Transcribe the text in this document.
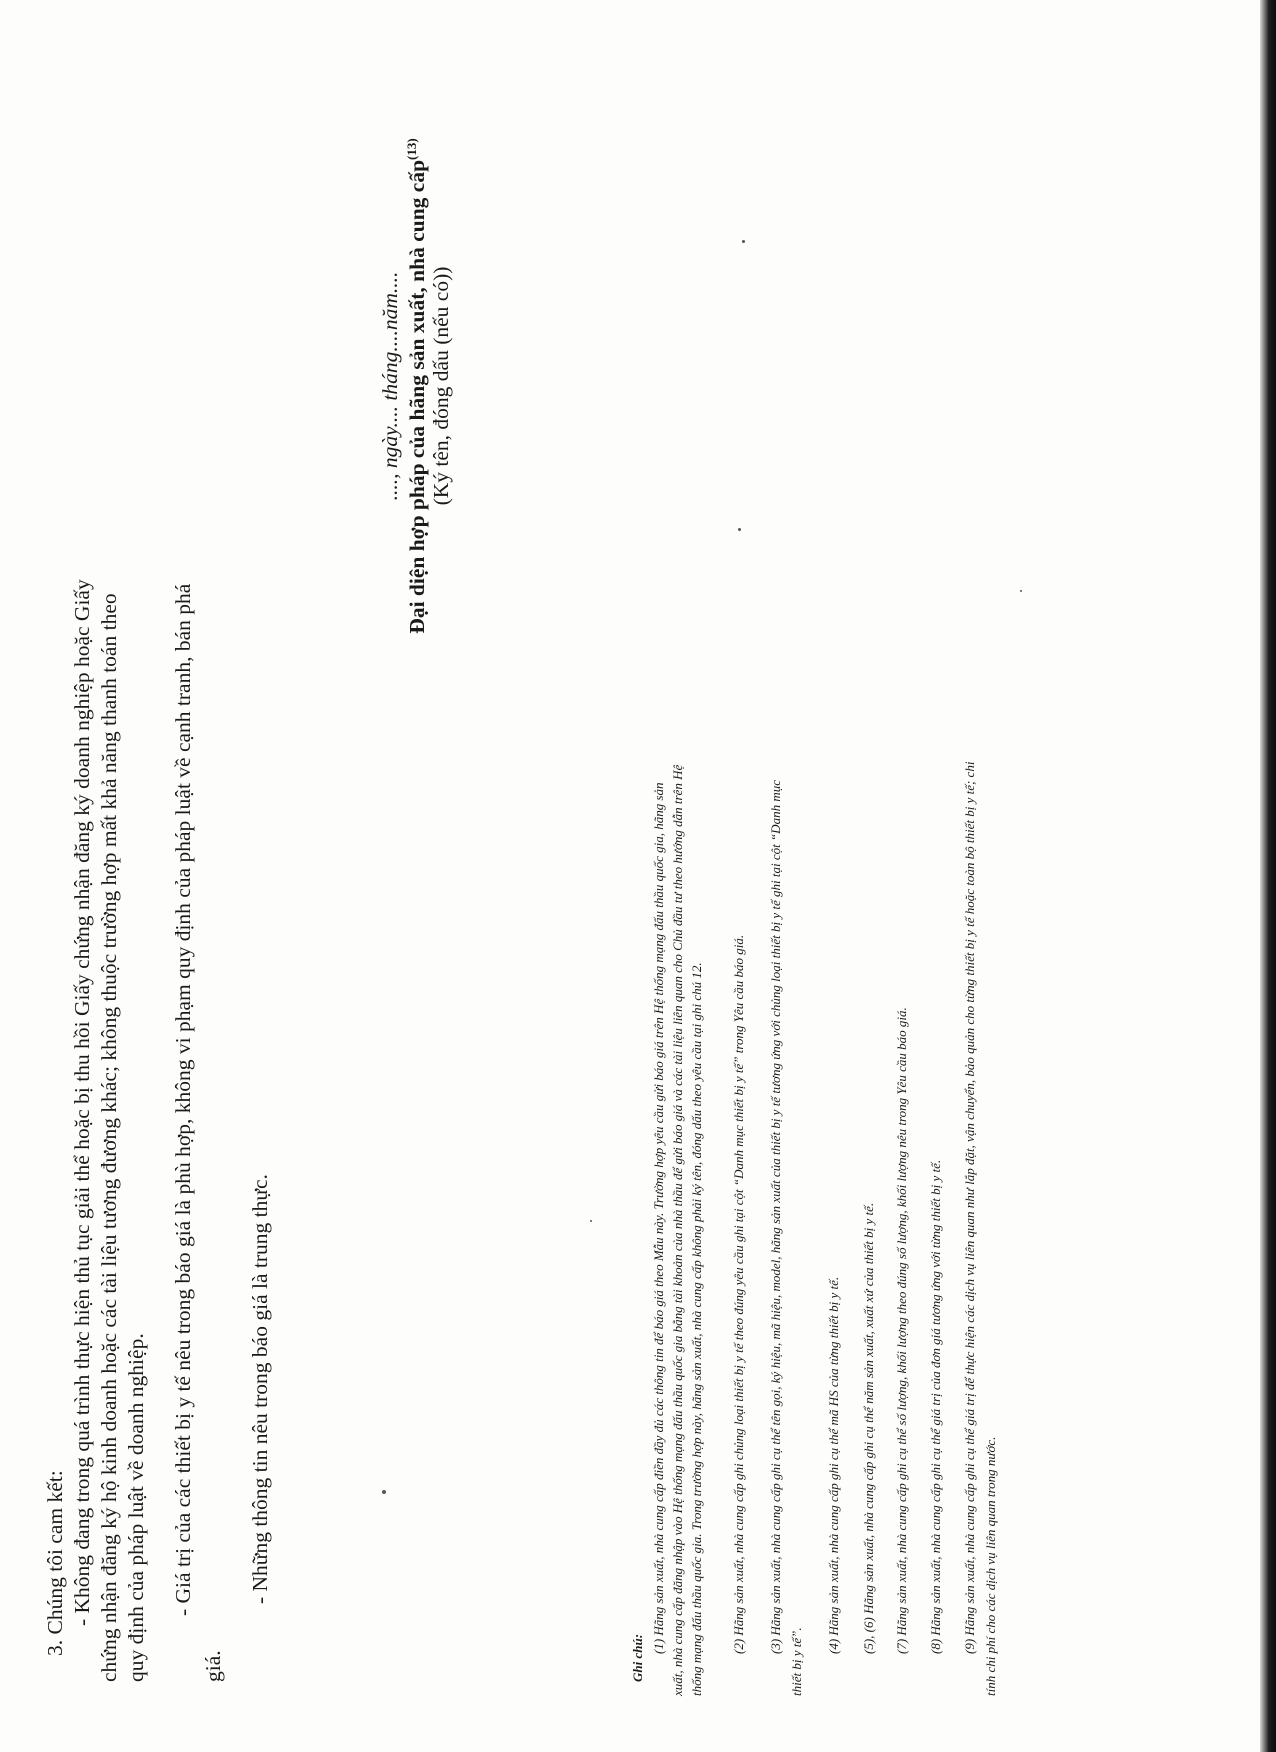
3. Chúng tôi cam kết: - Không đang trong quá trình thực hiện thủ tục giải thể hoặc bị thu hồi Giấy chứng nhận đăng ký doanh nghiệp hoặc Giấy chứng nhận đăng ký hộ kinh doanh hoặc các tài liệu tương đương khác; không thuộc trường hợp mất khả năng thanh toán theo quy định của pháp luật về doanh nghiệp. - Giá trị của các thiết bị y tế nêu trong báo giá là phù hợp, không vi phạm quy định của pháp luật về cạnh tranh, bán phá
giá.
- Những thông tin nêu trong báo giá là trung thực.
...., ngày.... tháng....năm.... Đại diện hợp pháp của hãng sản xuất, nhà cung cấp$^{(13)}$
(Ký tên, đóng dấu (nếu có))
Ghi chú:
(1) Hãng sản xuất, nhà cung cấp điền đầy đủ các thông tin để báo giá theo Mẫu này. Trường hợp yêu cầu gửi báo giá trên Hệ thống mạng đấu thầu quốc gia, hãng sản xuất, nhà cung cấp đăng nhập vào Hệ thống mạng đấu thầu quốc gia bằng tài khoản của nhà thầu để gửi báo giá và các tài liệu liên quan cho Chủ đầu tư theo hướng dẫn trên Hệ thống mạng đấu thầu quốc gia. Trong trường hợp này, hãng sản xuất, nhà cung cấp không phải ký tên, đóng dấu theo yêu cầu tại ghi chú 12. (2) Hãng sản xuất, nhà cung cấp ghi chủng loại thiết bị y tế theo đúng yêu cầu ghi tại cột “Danh mục thiết bị y tế” trong Yêu cầu báo giá. (3) Hãng sản xuất, nhà cung cấp ghi cụ thể tên gọi, ký hiệu, mã hiệu, model, hãng sản xuất của thiết bị y tế tương ứng với chủng loại thiết bị y tế ghi tại cột “Danh mục
thiết bị y tế”.
(4) Hãng sản xuất, nhà cung cấp ghi cụ thể mã HS của từng thiết bị y tế. (5), (6) Hãng sản xuất, nhà cung cấp ghi cụ thể năm sản xuất, xuất xứ của thiết bị y tế. (7) Hãng sản xuất, nhà cung cấp ghi cụ thể số lượng, khối lượng theo đúng số lượng, khối lượng nêu trong Yêu cầu báo giá. (8) Hãng sản xuất, nhà cung cấp ghi cụ thể giá trị của đơn giá tương ứng với từng thiết bị y tế. (9) Hãng sản xuất, nhà cung cấp ghi cụ thể giá trị để thực hiện các dịch vụ liên quan như lắp đặt, vận chuyển, bảo quản cho từng thiết bị y tế hoặc toàn bộ thiết bị y tế; chi tính chi phí cho các dịch vụ liên quan trong nước.
